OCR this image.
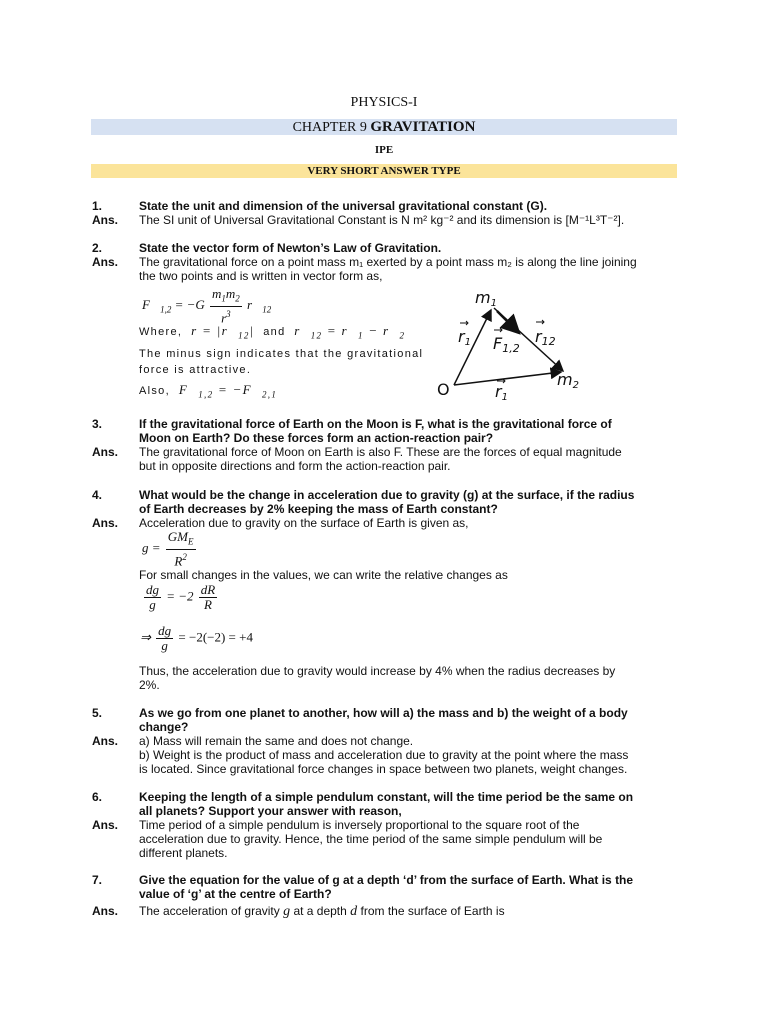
PHYSICS-I
CHAPTER 9 GRAVITATION
IPE
VERY SHORT ANSWER TYPE
1.	State the unit and dimension of the universal gravitational constant (G).

Ans. The SI unit of Universal Gravitational Constant is N m² kg⁻² and its dimension is [M⁻¹L³T⁻²].

2.	State the vector form of Newton’s Law of Gravitation.

Ans. The gravitational force on a point mass m₁ exerted by a point mass m₂ is along the line joining

the two points and is written in vector form as,

$F⃗_{1,2} = -G \frac{m_1m_2}{r^3}$ $r⃗_{12}$
Where,  $r = |r⃗_{12}|$  and  $r⃗_{12}$ = $r⃗_1$ − $r⃗_2$
The minus sign indicates that the gravitational
force is attractive.
Also,  $F⃗_{1,2}$ = $-F⃗_{2,1}$
m1
m2
O
r1
r1
r12
F1,2
3.	If the gravitational force of Earth on the Moon is F, what is the gravitational force of

Moon on Earth? Do these forces form an action-reaction pair?

Ans. The gravitational force of Moon on Earth is also F. These are the forces of equal magnitude

but in opposite directions and form the action-reaction pair.

4.	What would be the change in acceleration due to gravity (g) at the surface, if the radius

of Earth decreases by 2% keeping the mass of Earth constant?

Ans. Acceleration due to gravity on the surface of Earth is given as,

$g = \frac{GM_E}{R^2}$

For small changes in the values, we can write the relative changes as

$\frac{dg}{g} = -2 \frac{dR}{R}$
⇒ $\frac{dg}{g} = -2(-2) = +4$

Thus, the acceleration due to gravity would increase by 4% when the radius decreases by

2%.

5.	As we go from one planet to another, how will a) the mass and b) the weight of a body

change?

Ans. a) Mass will remain the same and does not change.

b) Weight is the product of mass and acceleration due to gravity at the point where the mass

is located. Since gravitational force changes in space between two planets, weight changes.

6.	Keeping the length of a simple pendulum constant, will the time period be the same on

all planets? Support your answer with reason,

Ans. Time period of a simple pendulum is inversely proportional to the square root of the

acceleration due to gravity. Hence, the time period of the same simple pendulum will be

different planets.

7.	Give the equation for the value of g at a depth ‘d’ from the surface of Earth. What is the

value of ‘g’ at the centre of Earth?

Ans. The acceleration of gravity g at a depth d from the surface of Earth is
